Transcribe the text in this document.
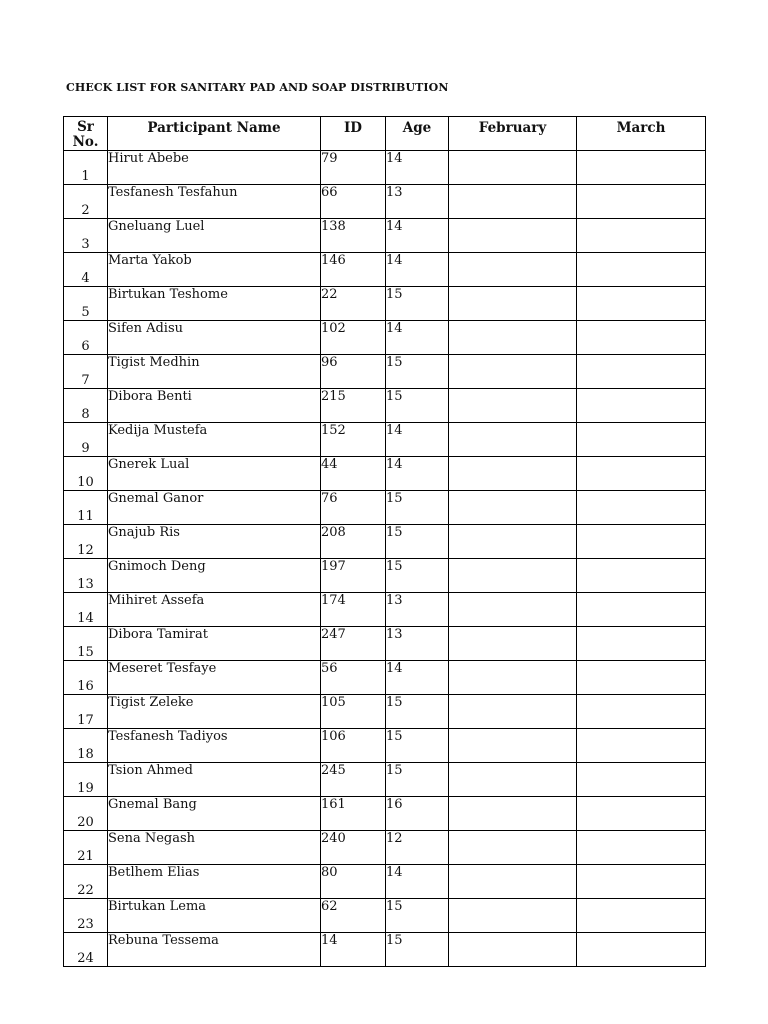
CHECK LIST FOR SANITARY PAD AND SOAP DISTRIBUTION
Sr No.	Participant Name	ID	Age	February	March
1	Hirut Abebe	79	14		
2	Tesfanesh Tesfahun	66	13		
3	Gneluang Luel	138	14		
4	Marta Yakob	146	14		
5	Birtukan Teshome	22	15		
6	Sifen Adisu	102	14		
7	Tigist Medhin	96	15		
8	Dibora Benti	215	15		
9	Kedija Mustefa	152	14		
10	Gnerek Lual	44	14		
11	Gnemal Ganor	76	15		
12	Gnajub Ris	208	15		
13	Gnimoch Deng	197	15		
14	Mihiret Assefa	174	13		
15	Dibora Tamirat	247	13		
16	Meseret Tesfaye	56	14		
17	Tigist Zeleke	105	15		
18	Tesfanesh Tadiyos	106	15		
19	Tsion Ahmed	245	15		
20	Gnemal Bang	161	16		
21	Sena Negash	240	12		
22	Betlhem Elias	80	14		
23	Birtukan Lema	62	15		
24	Rebuna Tessema	14	15		
